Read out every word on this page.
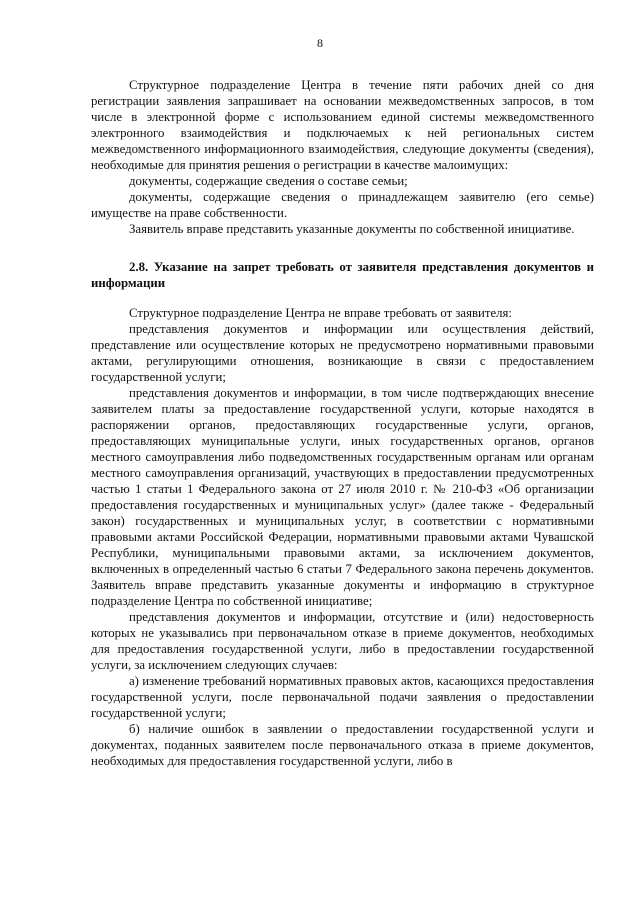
8

Структурное подразделение Центра в течение пяти рабочих дней со дня регистрации заявления запрашивает на основании межведомственных запросов, в том числе в электронной форме с использованием единой системы межведомственного электронного взаимодействия и подключаемых к ней региональных систем межведомственного информационного взаимодействия, следующие документы (сведения), необходимые для принятия решения о регистрации в качестве малоимущих:

документы, содержащие сведения о составе семьи;

документы, содержащие сведения о принадлежащем заявителю (его семье) имуществе на праве собственности.

Заявитель вправе представить указанные документы по собственной инициативе.

2.8. Указание на запрет требовать от заявителя представления документов и информации

Структурное подразделение Центра не вправе требовать от заявителя:

представления документов и информации или осуществления действий, представление или осуществление которых не предусмотрено нормативными правовыми актами, регулирующими отношения, возникающие в связи с предоставлением государственной услуги;

представления документов и информации, в том числе подтверждающих внесение заявителем платы за предоставление государственной услуги, которые находятся в распоряжении органов, предоставляющих государственные услуги, органов, предоставляющих муниципальные услуги, иных государственных органов, органов местного самоуправления либо подведомственных государственным органам или органам местного самоуправления организаций, участвующих в предоставлении предусмотренных частью 1 статьи 1 Федерального закона от 27 июля 2010 г. № 210-ФЗ «Об организации предоставления государственных и муниципальных услуг» (далее также - Федеральный закон) государственных и муниципальных услуг, в соответствии с нормативными правовыми актами Российской Федерации, нормативными правовыми актами Чувашской Республики, муниципальными правовыми актами, за исключением документов, включенных в определенный частью 6 статьи 7 Федерального закона перечень документов. Заявитель вправе представить указанные документы и информацию в структурное подразделение Центра по собственной инициативе;

представления документов и информации, отсутствие и (или) недостоверность которых не указывались при первоначальном отказе в приеме документов, необходимых для предоставления государственной услуги, либо в предоставлении государственной услуги, за исключением следующих случаев:

а) изменение требований нормативных правовых актов, касающихся предоставления государственной услуги, после первоначальной подачи заявления о предоставлении государственной услуги;

б) наличие ошибок в заявлении о предоставлении государственной услуги и документах, поданных заявителем после первоначального отказа в приеме документов, необходимых для предоставления государственной услуги, либо в
